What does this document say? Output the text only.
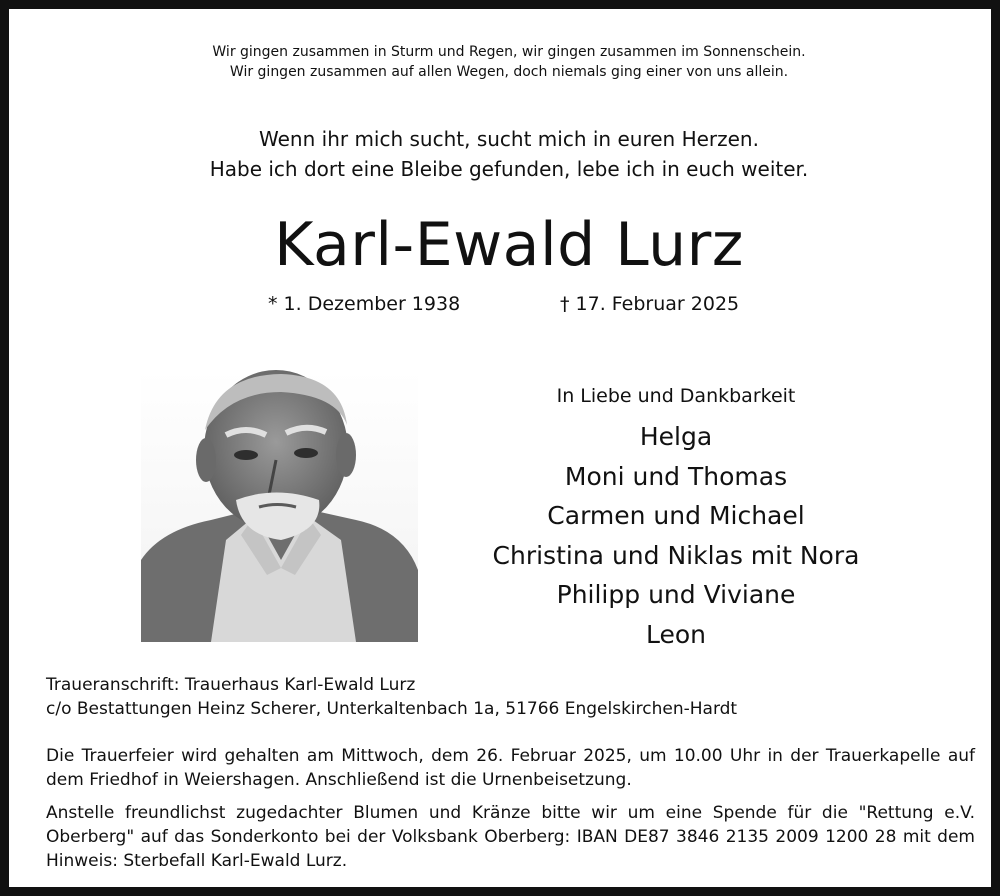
Wir gingen zusammen in Sturm und Regen, wir gingen zusammen im Sonnenschein.
Wir gingen zusammen auf allen Wegen, doch niemals ging einer von uns allein.
Wenn ihr mich sucht, sucht mich in euren Herzen.
Habe ich dort eine Bleibe gefunden, lebe ich in euch weiter.
Karl-Ewald Lurz
* 1. Dezember 1938	† 17. Februar 2025
In Liebe und Dankbarkeit
Helga
Moni und Thomas
Carmen und Michael
Christina und Niklas mit Nora
Philipp und Viviane
Leon
Traueranschrift: Trauerhaus Karl-Ewald Lurz
c/o Bestattungen Heinz Scherer, Unterkaltenbach 1a, 51766 Engelskirchen-Hardt
Die Trauerfeier wird gehalten am Mittwoch, dem 26. Februar 2025, um 10.00 Uhr in der Trauerkapelle auf dem Friedhof in Weiershagen. Anschließend ist die Urnenbeisetzung.
Anstelle freundlichst zugedachter Blumen und Kränze bitte wir um eine Spende für die "Rettung e.V. Oberberg" auf das Sonderkonto bei der Volksbank Oberberg: IBAN DE87 3846 2135 2009 1200 28 mit dem Hinweis: Sterbefall Karl-Ewald Lurz.
